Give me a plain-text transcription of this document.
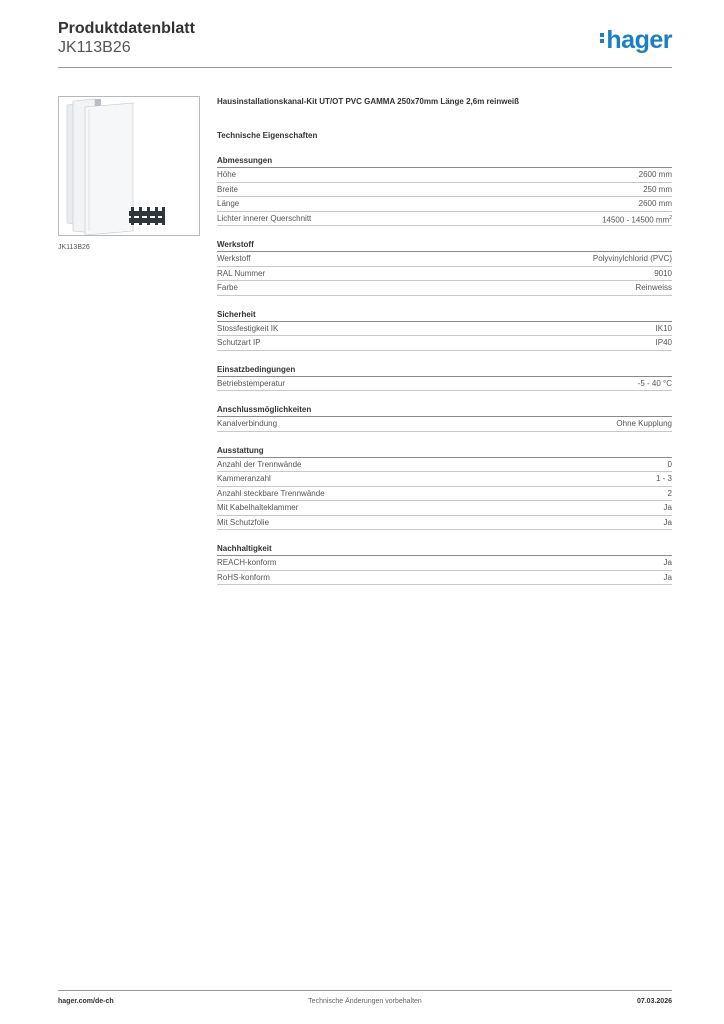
Produktdatenblatt
JK113B26	hager
JK113B26
Hausinstallationskanal-Kit UT/OT PVC GAMMA 250x70mm Länge 2,6m reinweiß
Technische Eigenschaften
Abmessungen
Höhe	2600 mm
Breite	250 mm
Länge	2600 mm
Lichter innerer Querschnitt	14500 - 14500 $mm^2$
Werkstoff
Werkstoff	Polyvinylchlorid (PVC)
RAL Nummer	9010
Farbe	Reinweiss
Sicherheit
Stossfestigkeit IK	IK10
Schutzart IP	IP40
Einsatzbedingungen
Betriebstemperatur	-5 - 40 °C
Anschlussmöglichkeiten
Kanalverbindung	Ohne Kupplung
Ausstattung
Anzahl der Trennwände	0
Kammeranzahl	1 - 3
Anzahl steckbare Trennwände	2
Mit Kabelhalteklammer	Ja
Mit Schutzfolie	Ja
Nachhaltigkeit
REACH-konform	Ja
RoHS-konform	Ja
hager.com/de-ch	Technische Änderungen vorbehalten	07.03.2026
